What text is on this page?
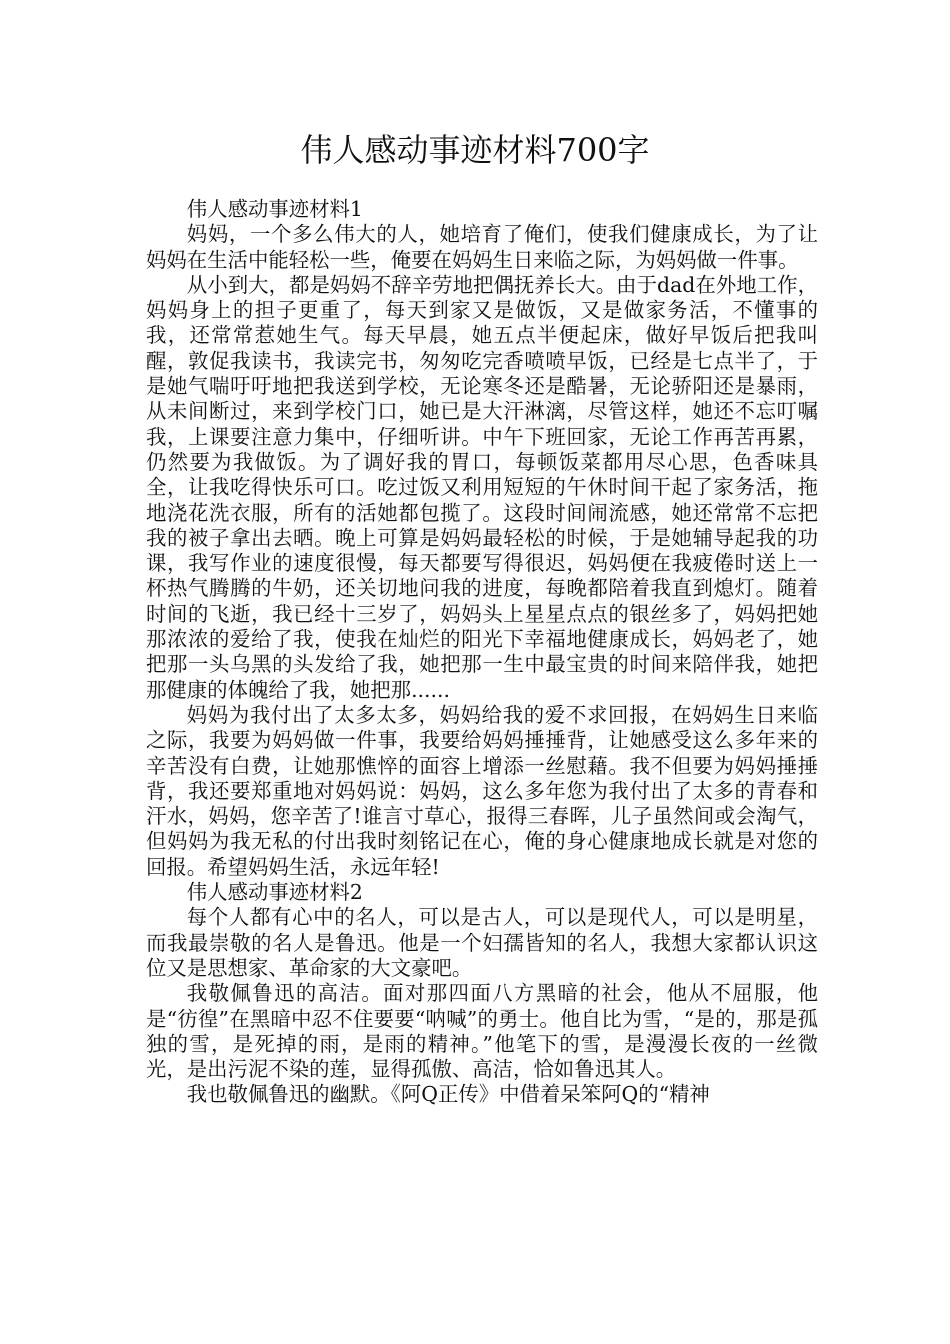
伟人感动事迹材料700字

伟人感动事迹材料1

妈妈，一个多么伟大的人，她培育了俺们，使我们健康成长，为了让妈妈在生活中能轻松一些，俺要在妈妈生日来临之际，为妈妈做一件事。

从小到大，都是妈妈不辞辛劳地把偶抚养长大。由于dad在外地工作，妈妈身上的担子更重了，每天到家又是做饭，又是做家务活，不懂事的我，还常常惹她生气。每天早晨，她五点半便起床，做好早饭后把我叫醒，敦促我读书，我读完书，匆匆吃完香喷喷早饭，已经是七点半了，于是她气喘吁吁地把我送到学校，无论寒冬还是酷暑，无论骄阳还是暴雨，从未间断过，来到学校门口，她已是大汗淋漓，尽管这样，她还不忘叮嘱我，上课要注意力集中，仔细听讲。中午下班回家，无论工作再苦再累，仍然要为我做饭。为了调好我的胃口，每顿饭菜都用尽心思，色香味具全，让我吃得快乐可口。吃过饭又利用短短的午休时间干起了家务活，拖地浇花洗衣服，所有的活她都包揽了。这段时间闹流感，她还常常不忘把我的被子拿出去晒。晚上可算是妈妈最轻松的时候，于是她辅导起我的功课，我写作业的速度很慢，每天都要写得很迟，妈妈便在我疲倦时送上一杯热气腾腾的牛奶，还关切地问我的进度，每晚都陪着我直到熄灯。随着时间的飞逝，我已经十三岁了，妈妈头上星星点点的银丝多了，妈妈把她那浓浓的爱给了我，使我在灿烂的阳光下幸福地健康成长，妈妈老了，她把那一头乌黑的头发给了我，她把那一生中最宝贵的时间来陪伴我，她把那健康的体魄给了我，她把那......

妈妈为我付出了太多太多，妈妈给我的爱不求回报，在妈妈生日来临之际，我要为妈妈做一件事，我要给妈妈捶捶背，让她感受这么多年来的辛苦没有白费，让她那憔悴的面容上增添一丝慰藉。我不但要为妈妈捶捶背，我还要郑重地对妈妈说：妈妈，这么多年您为我付出了太多的青春和汗水，妈妈，您辛苦了!谁言寸草心，报得三春晖，儿子虽然间或会淘气，但妈妈为我无私的付出我时刻铭记在心，俺的身心健康地成长就是对您的回报。希望妈妈生活，永远年轻!

伟人感动事迹材料2

每个人都有心中的名人，可以是古人，可以是现代人，可以是明星，而我最崇敬的名人是鲁迅。他是一个妇孺皆知的名人，我想大家都认识这位又是思想家、革命家的大文豪吧。

我敬佩鲁迅的高洁。面对那四面八方黑暗的社会，他从不屈服，他是“彷徨”在黑暗中忍不住要要“呐喊”的勇士。他自比为雪，“是的，那是孤独的雪，是死掉的雨，是雨的精神。”他笔下的雪，是漫漫长夜的一丝微光，是出污泥不染的莲，显得孤傲、高洁，恰如鲁迅其人。

我也敬佩鲁迅的幽默。《阿Q正传》中借着呆笨阿Q的“精神
